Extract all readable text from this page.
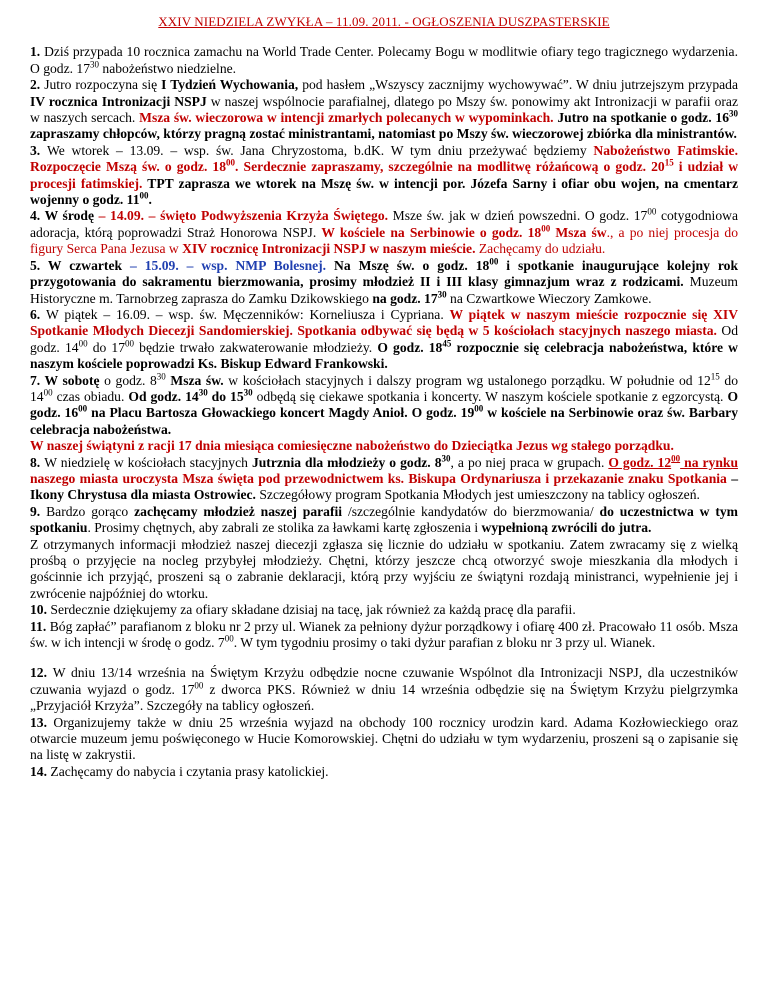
XXIV NIEDZIELA ZWYKŁA – 11.09. 2011. - OGŁOSZENIA DUSZPASTERSKIE

1. Dziś przypada 10 rocznica zamachu na World Trade Center. Polecamy Bogu w modlitwie ofiary tego tragicznego wydarzenia. O godz. $17^{30}$ nabożeństwo niedzielne.

2. Jutro rozpoczyna się I Tydzień Wychowania, pod hasłem „Wszyscy zacznijmy wychowywać”. W dniu jutrzejszym przypada IV rocznica Intronizacji NSPJ w naszej wspólnocie parafialnej, dlatego po Mszy św. ponowimy akt Intronizacji w parafii oraz w naszych sercach. Msza św. wieczorowa w intencji zmarłych polecanych w wypominkach. Jutro na spotkanie o godz. $16^{30}$ zapraszamy chłopców, którzy pragną zostać ministrantami, natomiast po Mszy św. wieczorowej zbiórka dla ministrantów.

3. We wtorek – 13.09. – wsp. św. Jana Chryzostoma, b.dK. W tym dniu przeżywać będziemy Nabożeństwo Fatimskie. Rozpoczęcie Mszą św. o godz. $18^{00}$. Serdecznie zapraszamy, szczególnie na modlitwę różańcową o godz. $20^{15}$ i udział w procesji fatimskiej. TPT zaprasza we wtorek na Mszę św. w intencji por. Józefa Sarny i ofiar obu wojen, na cmentarz wojenny o godz. $11^{00}$.

4. W środę – 14.09. – święto Podwyższenia Krzyża Świętego. Msze św. jak w dzień powszedni. O godz. $17^{00}$ cotygodniowa adoracja, którą poprowadzi Straż Honorowa NSPJ. W kościele na Serbinowie o godz. $18^{00}$ Msza św., a po niej procesja do figury Serca Pana Jezusa w XIV rocznicę Intronizacji NSPJ w naszym mieście. Zachęcamy do udziału.

5. W czwartek – 15.09. – wsp. NMP Bolesnej. Na Mszę św. o godz. $18^{00}$ i spotkanie inaugurujące kolejny rok przygotowania do sakramentu bierzmowania, prosimy młodzież II i III klasy gimnazjum wraz z rodzicami. Muzeum Historyczne m. Tarnobrzeg zaprasza do Zamku Dzikowskiego na godz. $17^{30}$ na Czwartkowe Wieczory Zamkowe.

6. W piątek – 16.09. – wsp. św. Męczenników: Korneliusza i Cypriana. W piątek w naszym mieście rozpocznie się XIV Spotkanie Młodych Diecezji Sandomierskiej. Spotkania odbywać się będą w 5 kościołach stacyjnych naszego miasta. Od godz. $14^{00}$ do $17^{00}$ będzie trwało zakwaterowanie młodzieży. O godz. $18^{45}$ rozpocznie się celebracja nabożeństwa, które w naszym kościele poprowadzi Ks. Biskup Edward Frankowski.

7. W sobotę o godz. $8^{30}$ Msza św. w kościołach stacyjnych i dalszy program wg ustalonego porządku. W południe od $12^{15}$ do $14^{00}$ czas obiadu. Od godz. $14^{30}$ do $15^{30}$ odbędą się ciekawe spotkania i koncerty. W naszym kościele spotkanie z egzorcystą. O godz. $16^{00}$ na Placu Bartosza Głowackiego koncert Magdy Anioł. O godz. $19^{00}$ w kościele na Serbinowie oraz św. Barbary celebracja nabożeństwa.

W naszej świątyni z racji 17 dnia miesiąca comiesięczne nabożeństwo do Dzieciątka Jezus wg stałego porządku.

8. W niedzielę w kościołach stacyjnych Jutrznia dla młodzieży o godz. $8^{30}$, a po niej praca w grupach. O godz. $12^{00}$ na rynku naszego miasta uroczysta Msza święta pod przewodnictwem ks. Biskupa Ordynariusza i przekazanie znaku Spotkania – Ikony Chrystusa dla miasta Ostrowiec. Szczegółowy program Spotkania Młodych jest umieszczony na tablicy ogłoszeń.

9. Bardzo gorąco zachęcamy młodzież naszej parafii /szczególnie kandydatów do bierzmowania/ do uczestnictwa w tym spotkaniu. Prosimy chętnych, aby zabrali ze stolika za ławkami kartę zgłoszenia i wypełnioną zwrócili do jutra.

Z otrzymanych informacji młodzież naszej diecezji zgłasza się licznie do udziału w spotkaniu. Zatem zwracamy się z wielką prośbą o przyjęcie na nocleg przybyłej młodzieży. Chętni, którzy jeszcze chcą otworzyć swoje mieszkania dla młodych i gościnnie ich przyjąć, proszeni są o zabranie deklaracji, którą przy wyjściu ze świątyni rozdają ministranci, wypełnienie jej i zwrócenie najpóźniej do wtorku.

10. Serdecznie dziękujemy za ofiary składane dzisiaj na tacę, jak również za każdą pracę dla parafii.

11. Bóg zapłać” parafianom z bloku nr 2 przy ul. Wianek za pełniony dyżur porządkowy i ofiarę 400 zł. Pracowało 11 osób. Msza św. w ich intencji w środę o godz. $7^{00}$. W tym tygodniu prosimy o taki dyżur parafian z bloku nr 3 przy ul. Wianek.

12. W dniu 13/14 września na Świętym Krzyżu odbędzie nocne czuwanie Wspólnot dla Intronizacji NSPJ, dla uczestników czuwania wyjazd o godz. $17^{00}$ z dworca PKS. Również w dniu 14 września odbędzie się na Świętym Krzyżu pielgrzymka „Przyjaciół Krzyża”. Szczegóły na tablicy ogłoszeń.

13. Organizujemy także w dniu 25 września wyjazd na obchody 100 rocznicy urodzin kard. Adama Kozłowieckiego oraz otwarcie muzeum jemu poświęconego w Hucie Komorowskiej. Chętni do udziału w tym wydarzeniu, proszeni są o zapisanie się na listę w zakrystii.

14. Zachęcamy do nabycia i czytania prasy katolickiej.
